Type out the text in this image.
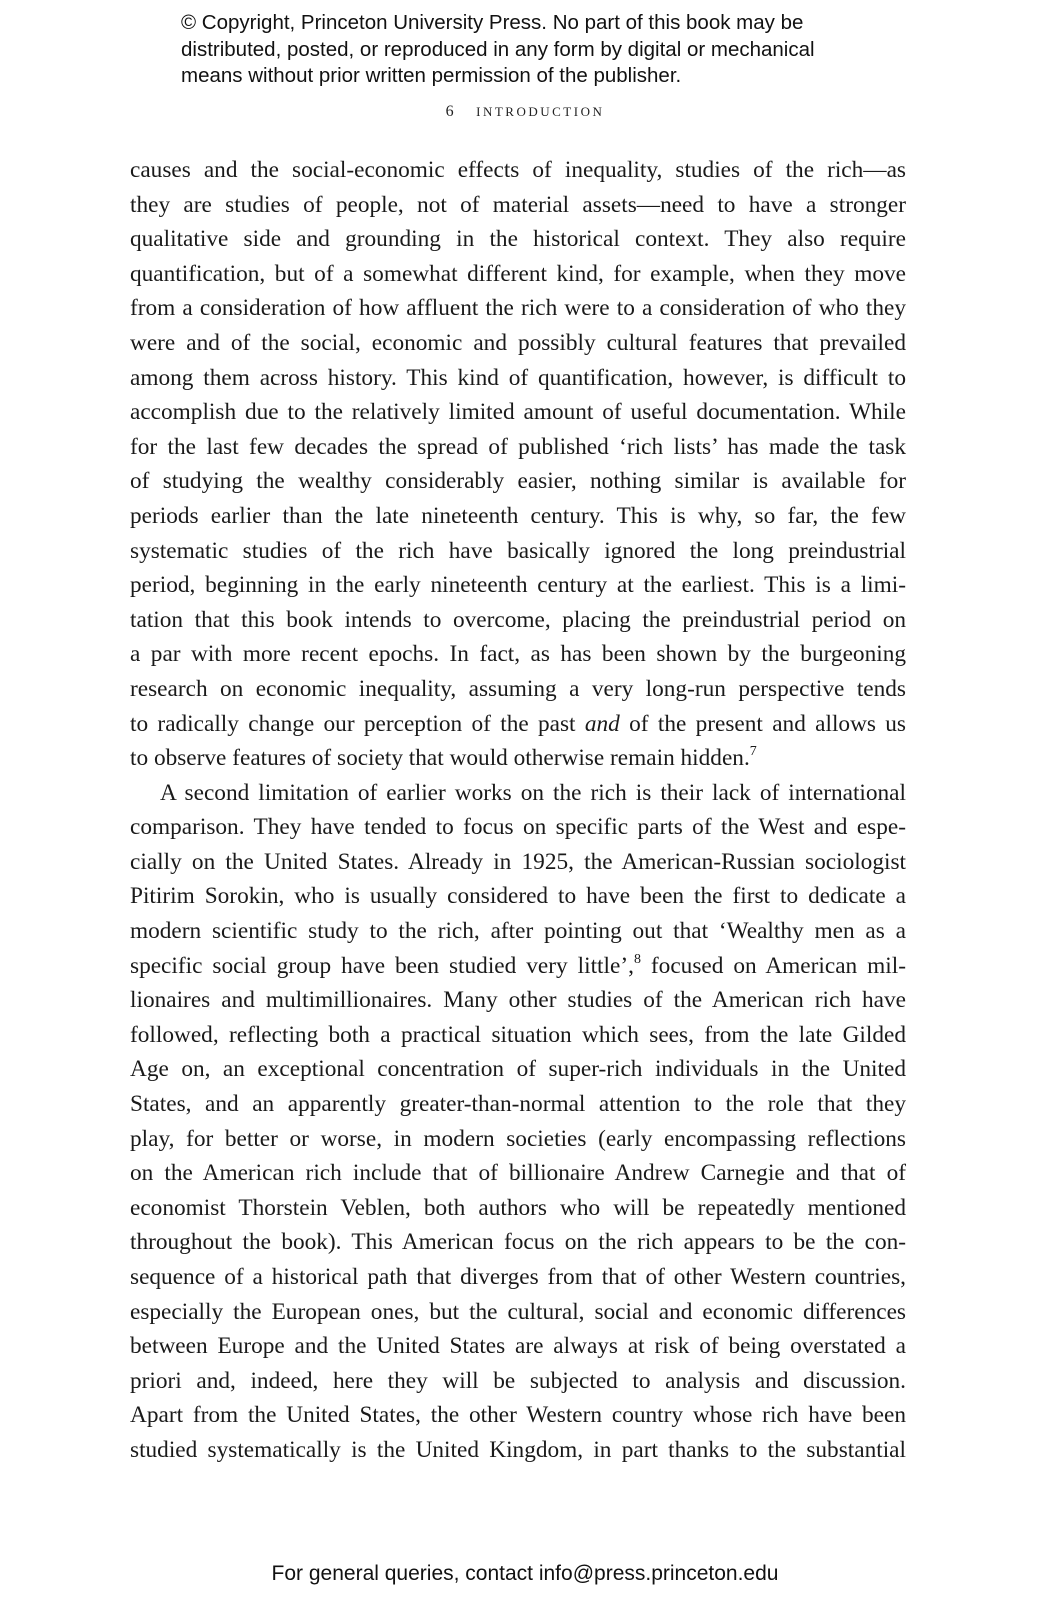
© Copyright, Princeton University Press. No part of this book may be
distributed, posted, or reproduced in any form by digital or mechanical
means without prior written permission of the publisher.
6 introduction
causes and the social-economic effects of inequality, studies of the rich—as
they are studies of people, not of material assets—need to have a stronger
qualitative side and grounding in the historical context. They also require
quantification, but of a somewhat different kind, for example, when they move
from a consideration of how affluent the rich were to a consideration of who they
were and of the social, economic and possibly cultural features that prevailed
among them across history. This kind of quantification, however, is difficult to
accomplish due to the relatively limited amount of useful documentation. While
for the last few decades the spread of published ‘rich lists’ has made the task
of studying the wealthy considerably easier, nothing similar is available for
periods earlier than the late nineteenth century. This is why, so far, the few
systematic studies of the rich have basically ignored the long preindustrial
period, beginning in the early nineteenth century at the earliest. This is a limi-
tation that this book intends to overcome, placing the preindustrial period on
a par with more recent epochs. In fact, as has been shown by the burgeoning
research on economic inequality, assuming a very long-run perspective tends
to radically change our perception of the past and of the present and allows us
to observe features of society that would otherwise remain hidden.$^7$
A second limitation of earlier works on the rich is their lack of international
comparison. They have tended to focus on specific parts of the West and espe-
cially on the United States. Already in 1925, the American-Russian sociologist
Pitirim Sorokin, who is usually considered to have been the first to dedicate a
modern scientific study to the rich, after pointing out that ‘Wealthy men as a
specific social group have been studied very little’,$^8$ focused on American mil-
lionaires and multimillionaires. Many other studies of the American rich have
followed, reflecting both a practical situation which sees, from the late Gilded
Age on, an exceptional concentration of super-rich individuals in the United
States, and an apparently greater-than-normal attention to the role that they
play, for better or worse, in modern societies (early encompassing reflections
on the American rich include that of billionaire Andrew Carnegie and that of
economist Thorstein Veblen, both authors who will be repeatedly mentioned
throughout the book). This American focus on the rich appears to be the con-
sequence of a historical path that diverges from that of other Western countries,
especially the European ones, but the cultural, social and economic differences
between Europe and the United States are always at risk of being overstated a
priori and, indeed, here they will be subjected to analysis and discussion.
Apart from the United States, the other Western country whose rich have been
studied systematically is the United Kingdom, in part thanks to the substantial
For general queries, contact info@press.princeton.edu
